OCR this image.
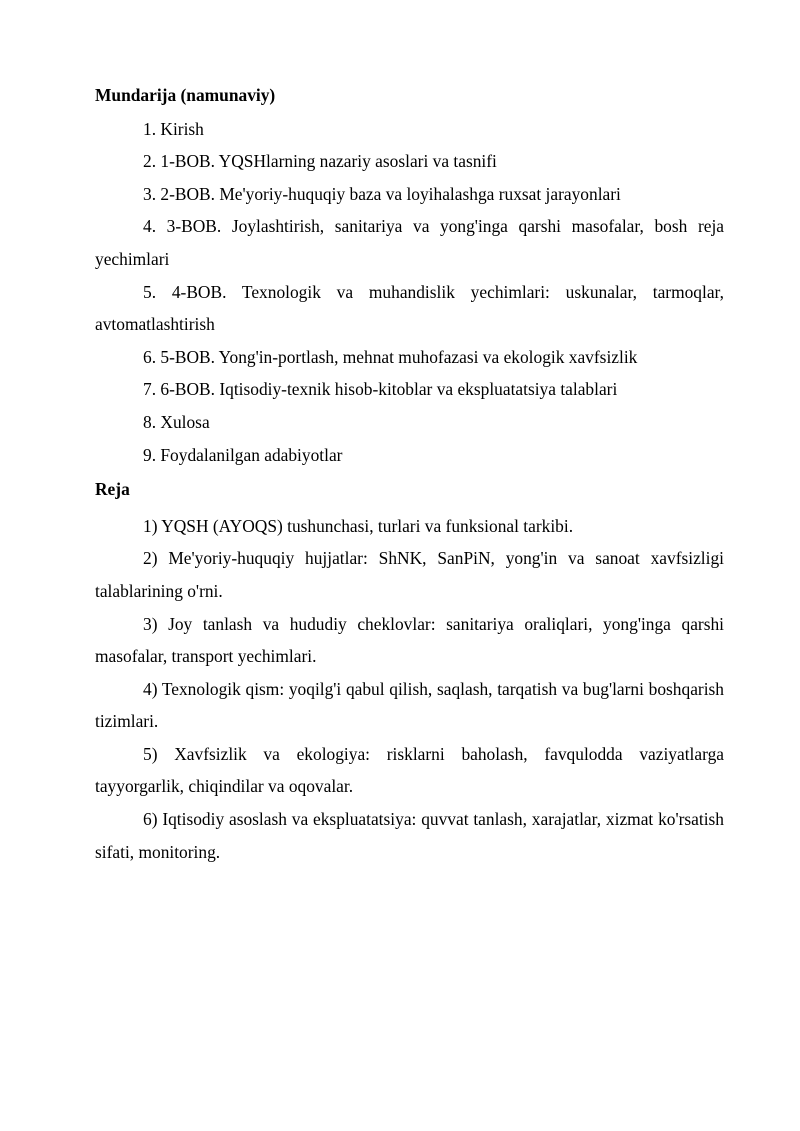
Mundarija (namunaviy)

1. Kirish
2. 1-BOB. YQSHlarning nazariy asoslari va tasnifi
3. 2-BOB. Me'yoriy-huquqiy baza va loyihalashga ruxsat jarayonlari
4. 3-BOB. Joylashtirish, sanitariya va yong'inga qarshi masofalar, bosh reja yechimlari
5. 4-BOB. Texnologik va muhandislik yechimlari: uskunalar, tarmoqlar, avtomatlashtirish
6. 5-BOB. Yong'in-portlash, mehnat muhofazasi va ekologik xavfsizlik
7. 6-BOB. Iqtisodiy-texnik hisob-kitoblar va ekspluatatsiya talablari
8. Xulosa
9. Foydalanilgan adabiyotlar

Reja

1) YQSH (AYOQS) tushunchasi, turlari va funksional tarkibi.
2) Me'yoriy-huquqiy hujjatlar: ShNK, SanPiN, yong'in va sanoat xavfsizligi talablarining o'rni.
3) Joy tanlash va hududiy cheklovlar: sanitariya oraliqlari, yong'inga qarshi masofalar, transport yechimlari.
4) Texnologik qism: yoqilg'i qabul qilish, saqlash, tarqatish va bug'larni boshqarish tizimlari.
5) Xavfsizlik va ekologiya: risklarni baholash, favqulodda vaziyatlarga tayyorgarlik, chiqindilar va oqovalar.
6) Iqtisodiy asoslash va ekspluatatsiya: quvvat tanlash, xarajatlar, xizmat ko'rsatish sifati, monitoring.
